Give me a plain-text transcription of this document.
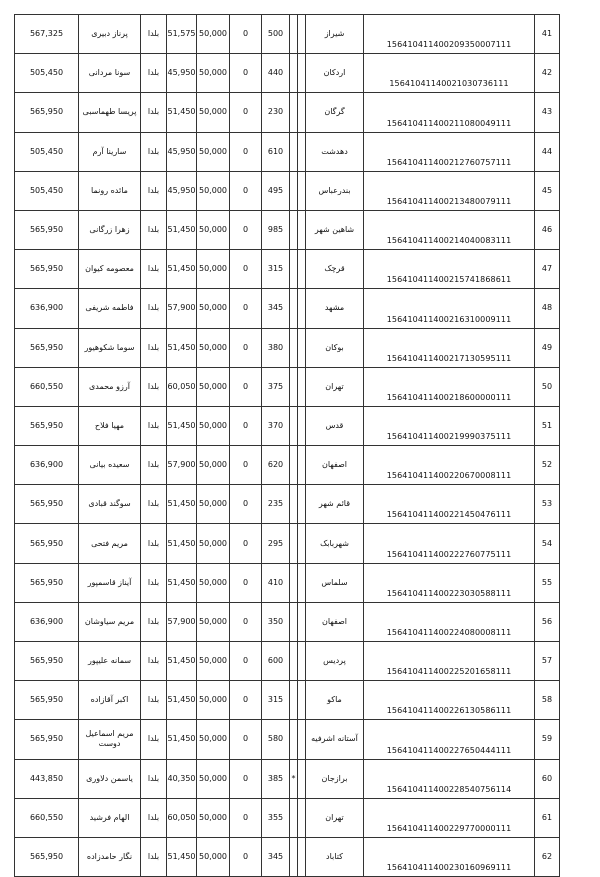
567,325	پرناز دبیری	بلدا	51,575	50,000	0	500			شیراز	15641041140020935000711​1	41
505,450	سونا مردانی	بلدا	45,950	50,000	0	440			اردکان	156410411400210307361​11	42
565,950	پریسا طهماسبی	بلدا	51,450	50,000	0	230			گرگان	156410411400211080049111	43
505,450	سارینا آرم	بلدا	45,950	50,000	0	610			دهدشت	156410411400212760757111	44
505,450	مائده رونما	بلدا	45,950	50,000	0	495			بندرعباس	156410411400213480079111	45
565,950	زهرا زرگانی	بلدا	51,450	50,000	0	985			شاهین شهر	156410411400214040083111	46
565,950	معصومه کیوان	بلدا	51,450	50,000	0	315			قرچک	156410411400215741868611	47
636,900	فاطمه شریفی	بلدا	57,900	50,000	0	345			مشهد	156410411400216310009111	48
565,950	سوما شکوهیور	بلدا	51,450	50,000	0	380			بوکان	156410411400217130595111	49
660,550	آرزو محمدی	بلدا	60,050	50,000	0	375			تهران	156410411400218600000111	50
565,950	مهیا فلاح	بلدا	51,450	50,000	0	370			قدس	156410411400219990375111	51
636,900	سعیده بیانی	بلدا	57,900	50,000	0	620			اصفهان	156410411400220670008111	52
565,950	سوگند قبادی	بلدا	51,450	50,000	0	235			قائم شهر	156410411400221450476111	53
565,950	مریم فتحی	بلدا	51,450	50,000	0	295			شهربابک	156410411400222760775111	54
565,950	آیناز قاسمپور	بلدا	51,450	50,000	0	410			سلماس	156410411400223030588111	55
636,900	مریم سیاوشان	بلدا	57,900	50,000	0	350			اصفهان	156410411400224080008111	56
565,950	سمانه علیپور	بلدا	51,450	50,000	0	600			پردیس	156410411400225201658111	57
565,950	اکبر آقازاده	بلدا	51,450	50,000	0	315			ماکو	156410411400226130586111	58
565,950	مریم اسماعیل دوست	بلدا	51,450	50,000	0	580			آستانه اشرفیه	156410411400227650444111	59
443,850	یاسمن دلاوری	بلدا	40,350	50,000	0	385	*		برازجان	156410411400228540756114	60
660,550	الهام فرشید	بلدا	60,050	50,000	0	355			تهران	156410411400229770000111	61
565,950	نگار حامدزاده	بلدا	51,450	50,000	0	345			کتاباد	156410411400230160969111	62
